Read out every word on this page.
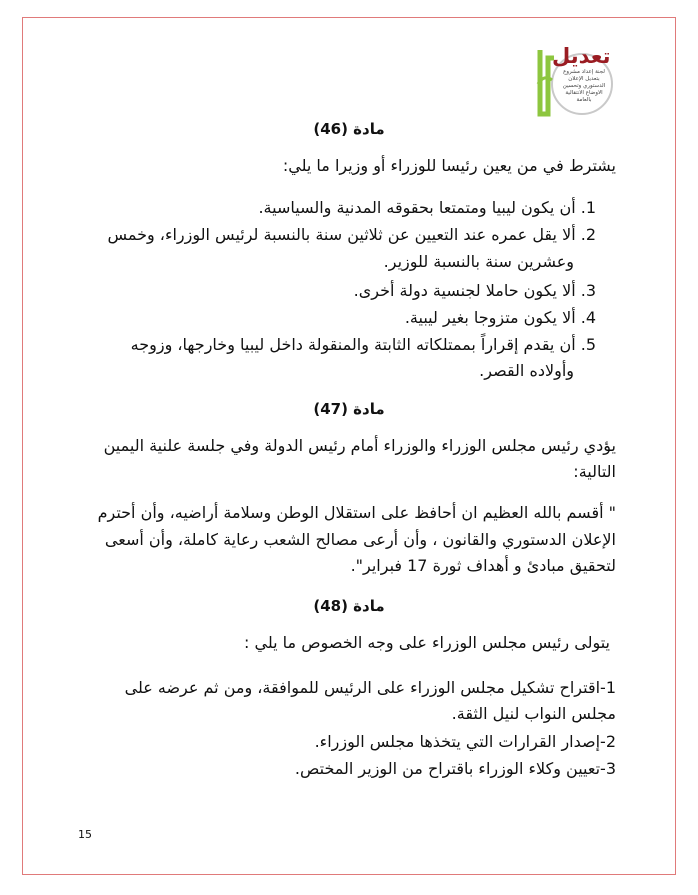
تعديل
لجنة إعداد مشروع
بتعديل الإعلان
الدستوري وتحسين
الأوضاع الانتقالية
بالعامة
مادة (46)
يشترط في من يعين رئيسا للوزراء أو وزيرا ما يلي:
1. أن يكون ليبيا ومتمتعا بحقوقه المدنية والسياسية.
2. ألا يقل عمره عند التعيين عن ثلاثين سنة بالنسبة لرئيس الوزراء، وخمس
وعشرين سنة بالنسبة للوزير.
3. ألا يكون حاملا لجنسية دولة أخرى.
4. ألا يكون متزوجا بغير ليبية.
5. أن يقدم إقراراً بممتلكاته الثابتة والمنقولة داخل ليبيا وخارجها، وزوجه
وأولاده القصر.
مادة (47)
يؤدي رئيس مجلس الوزراء والوزراء أمام رئيس الدولة وفي جلسة علنية اليمين
التالية:
" أقسم بالله العظيم ان أحافظ على استقلال الوطن وسلامة أراضيه، وأن أحترم
الإعلان الدستوري والقانون ، وأن أرعى مصالح الشعب رعاية كاملة، وأن أسعى
لتحقيق مبادئ و أهداف ثورة 17 فبراير".
مادة (48)
يتولى رئيس مجلس الوزراء على وجه الخصوص ما يلي :
1-اقتراح تشكيل مجلس الوزراء على الرئيس للموافقة، ومن ثم عرضه على
مجلس النواب لنيل الثقة.
2-إصدار القرارات التي يتخذها مجلس الوزراء.
3-تعيين وكلاء الوزراء باقتراح من الوزير المختص.
15
